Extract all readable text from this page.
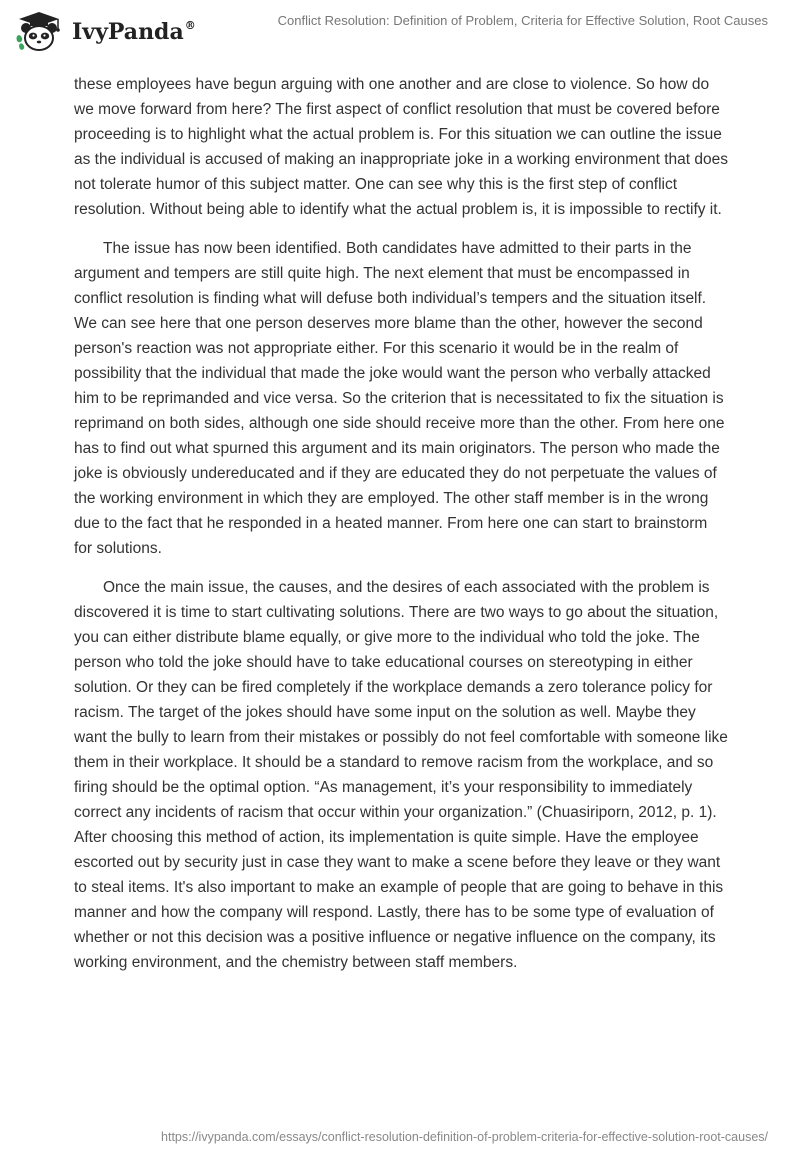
IvyPanda®	Conflict Resolution: Definition of Problem, Criteria for Effective Solution, Root Causes

these employees have begun arguing with one another and are close to violence. So how do we move forward from here? The first aspect of conflict resolution that must be covered before proceeding is to highlight what the actual problem is. For this situation we can outline the issue as the individual is accused of making an inappropriate joke in a working environment that does not tolerate humor of this subject matter. One can see why this is the first step of conflict resolution. Without being able to identify what the actual problem is, it is impossible to rectify it.

The issue has now been identified. Both candidates have admitted to their parts in the argument and tempers are still quite high. The next element that must be encompassed in conflict resolution is finding what will defuse both individual’s tempers and the situation itself. We can see here that one person deserves more blame than the other, however the second person's reaction was not appropriate either. For this scenario it would be in the realm of possibility that the individual that made the joke would want the person who verbally attacked him to be reprimanded and vice versa. So the criterion that is necessitated to fix the situation is reprimand on both sides, although one side should receive more than the other. From here one has to find out what spurned this argument and its main originators. The person who made the joke is obviously undereducated and if they are educated they do not perpetuate the values of the working environment in which they are employed. The other staff member is in the wrong due to the fact that he responded in a heated manner. From here one can start to brainstorm for solutions.

Once the main issue, the causes, and the desires of each associated with the problem is discovered it is time to start cultivating solutions. There are two ways to go about the situation, you can either distribute blame equally, or give more to the individual who told the joke. The person who told the joke should have to take educational courses on stereotyping in either solution. Or they can be fired completely if the workplace demands a zero tolerance policy for racism. The target of the jokes should have some input on the solution as well. Maybe they want the bully to learn from their mistakes or possibly do not feel comfortable with someone like them in their workplace. It should be a standard to remove racism from the workplace, and so firing should be the optimal option. “As management, it’s your responsibility to immediately correct any incidents of racism that occur within your organization.” (Chuasiriporn, 2012, p. 1). After choosing this method of action, its implementation is quite simple. Have the employee escorted out by security just in case they want to make a scene before they leave or they want to steal items. It's also important to make an example of people that are going to behave in this manner and how the company will respond. Lastly, there has to be some type of evaluation of whether or not this decision was a positive influence or negative influence on the company, its working environment, and the chemistry between staff members.

https://ivypanda.com/essays/conflict-resolution-definition-of-problem-criteria-for-effective-solution-root-causes/
